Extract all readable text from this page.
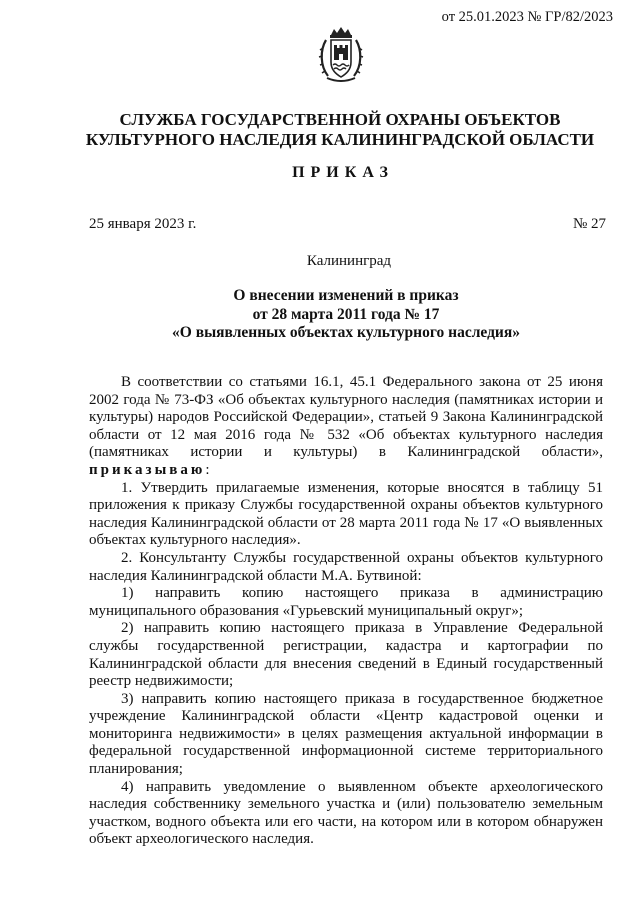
от 25.01.2023 № ГР/82/2023
СЛУЖБА ГОСУДАРСТВЕННОЙ ОХРАНЫ ОБЪЕКТОВ
КУЛЬТУРНОГО НАСЛЕДИЯ КАЛИНИНГРАДСКОЙ ОБЛАСТИ
ПРИКАЗ
25 января 2023 г.	№ 27
Калининград
О внесении изменений в приказ
от 28 марта 2011 года № 17
«О выявленных объектах культурного наследия»

В соответствии со статьями 16.1, 45.1 Федерального закона от 25 июня 2002 года № 73-ФЗ «Об объектах культурного наследия (памятниках истории и культуры) народов Российской Федерации», статьей 9 Закона Калининградской области от 12 мая 2016 года № 532 «Об объектах культурного наследия (памятниках истории и культуры) в Калининградской области», приказываю:

1. Утвердить прилагаемые изменения, которые вносятся в таблицу 51 приложения к приказу Службы государственной охраны объектов культурного наследия Калининградской области от 28 марта 2011 года № 17 «О выявленных объектах культурного наследия».

2. Консультанту Службы государственной охраны объектов культурного наследия Калининградской области М.А. Бутвиной:

1) направить копию настоящего приказа в администрацию муниципального образования «Гурьевский муниципальный округ»;

2) направить копию настоящего приказа в Управление Федеральной службы государственной регистрации, кадастра и картографии по Калининградской области для внесения сведений в Единый государственный реестр недвижимости;

3) направить копию настоящего приказа в государственное бюджетное учреждение Калининградской области «Центр кадастровой оценки и мониторинга недвижимости» в целях размещения актуальной информации в федеральной государственной информационной системе территориального планирования;

4) направить уведомление о выявленном объекте археологического наследия собственнику земельного участка и (или) пользователю земельным участком, водного объекта или его части, на котором или в котором обнаружен объект археологического наследия.
